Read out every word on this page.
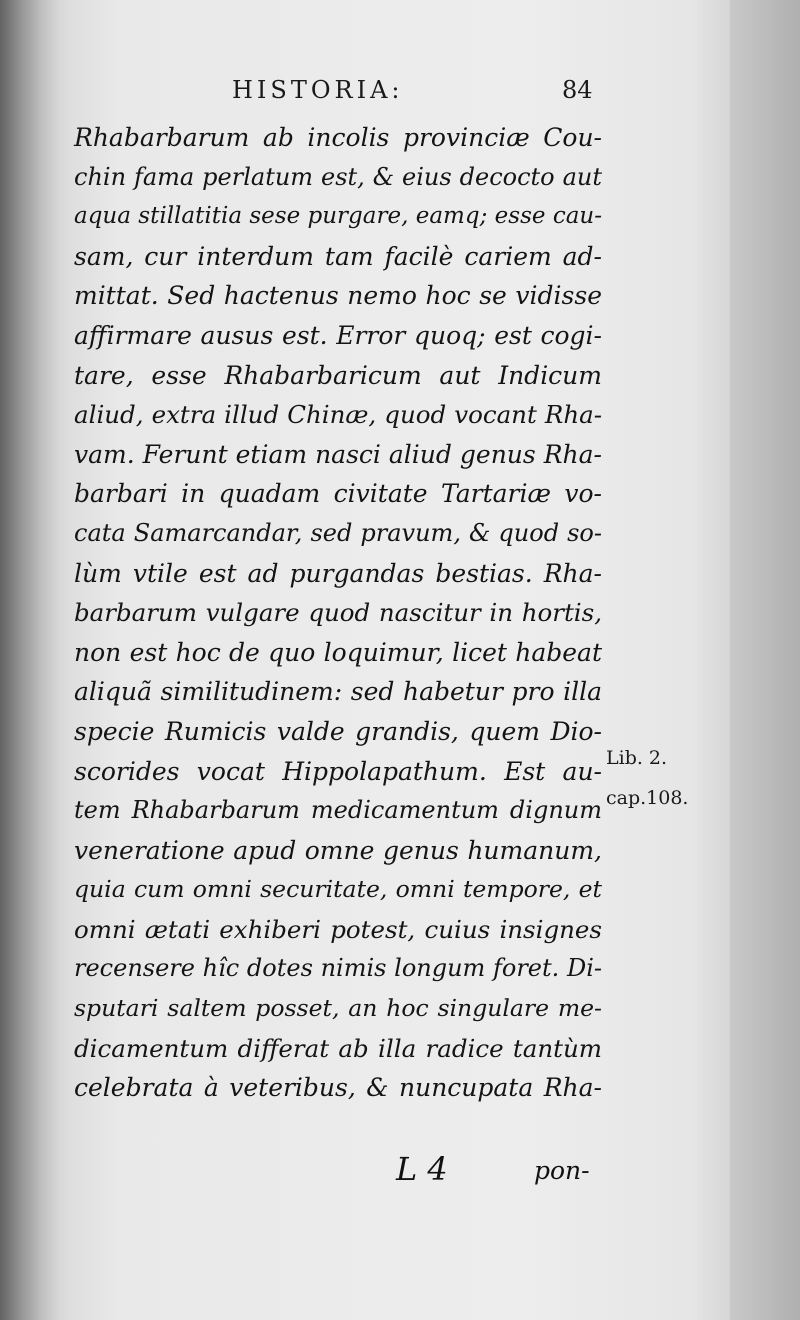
HISTORIA:	84
Rhabarbarum ab incolis provinciæ Cou-
chin fama perlatum est, & eius decocto aut
aqua stillatitia sese purgare, eamq; esse cau-
sam, cur interdum tam facilè cariem ad-
mittat. Sed hactenus nemo hoc se vidisse
affirmare ausus est. Error quoq; est cogi-
tare, esse Rhabarbaricum aut Indicum
aliud, extra illud Chinæ, quod vocant Rha-
vam. Ferunt etiam nasci aliud genus Rha-
barbari in quadam civitate Tartariæ vo-
cata Samarcandar, sed pravum, & quod so-
lùm vtile est ad purgandas bestias. Rha-
barbarum vulgare quod nascitur in hortis,
non est hoc de quo loquimur, licet habeat
aliquã similitudinem: sed habetur pro illa
specie Rumicis valde grandis, quem Dio-
scorides vocat Hippolapathum. Est au-
tem Rhabarbarum medicamentum dignum
veneratione apud omne genus humanum,
quia cum omni securitate, omni tempore, et
omni ætati exhiberi potest, cuius insignes
recensere hîc dotes nimis longum foret. Di-
sputari saltem posset, an hoc singulare me-
dicamentum differat ab illa radice tantùm
celebrata à veteribus, & nuncupata Rha-
Lib. 2.
cap.108.
L 4	pon-
